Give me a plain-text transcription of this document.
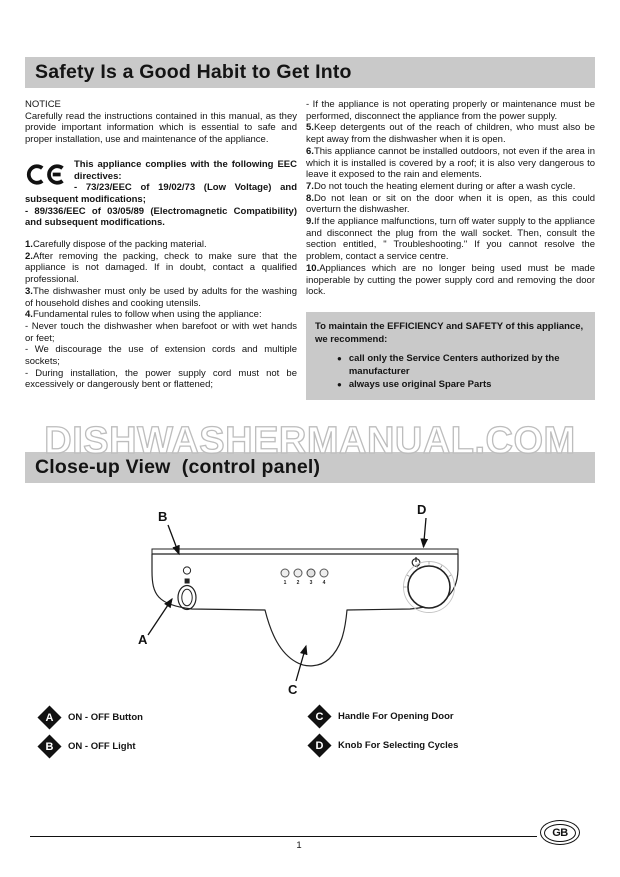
Safety Is a Good Habit to Get Into

NOTICE

Carefully read the instructions contained in this manual, as they provide important information which is essential to safe and proper installation, use and maintenance of the appliance.

This appliance complies with the following EEC directives:

- 73/23/EEC of 19/02/73 (Low Voltage) and subsequent modifications;

- 89/336/EEC of 03/05/89 (Electromagnetic Compatibility) and subsequent modifications.

1.Carefully dispose of the packing material.

2.After removing the packing, check to make sure that the appliance is not damaged. If in doubt, contact a qualified professional.

3.The dishwasher must only be used by adults for the washing of household dishes and cooking utensils.

4.Fundamental rules to follow when using the appliance:

- Never touch the dishwasher when barefoot or with wet hands or feet;

- We discourage the use of extension cords and multiple sockets;

- During installation, the power supply cord must not be excessively or dangerously bent or flattened;

- If the appliance is not operating properly or maintenance must be performed, disconnect the appliance from the power supply.

5.Keep detergents out of the reach of children, who must also be kept away from the dishwasher when it is open.

6.This appliance cannot be installed outdoors, not even if the area in which it is installed is covered by a roof; it is also very dangerous to leave it exposed to the rain and elements.

7.Do not touch the heating element during or after a wash cycle.

8.Do not lean or sit on the door when it is open, as this could overturn the dishwasher.

9.If the appliance malfunctions, turn off water supply to the appliance and disconnect the plug from the wall socket. Then, consult the section entitled, " Troubleshooting." If you cannot resolve the problem, contact a service centre.

10.Appliances which are no longer being used must be made inoperable by cutting the power supply cord and removing the door lock.

To maintain the EFFICIENCY and SAFETY of this appliance, we recommend:
● call only the Service Centers authorized by the manufacturer
● always use original Spare Parts
DISHWASHERMANUAL.COM
Close-up View  (control panel)
1 2 3 4
B	D
A
C
A ON - OFF Button
B ON - OFF Light
C Handle For Opening Door
D Knob For Selecting Cycles
1
GB
